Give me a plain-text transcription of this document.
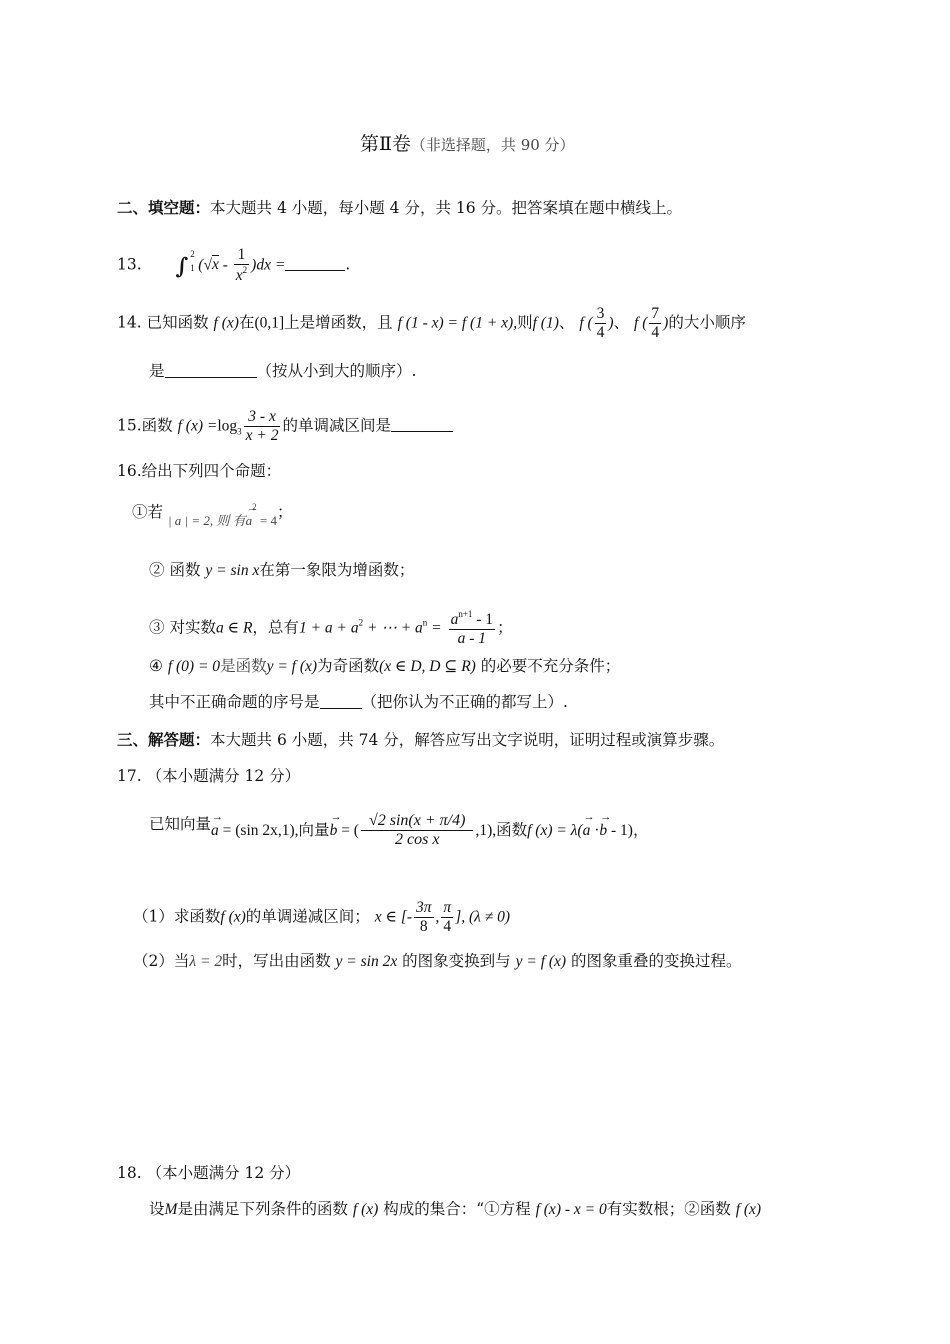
第Ⅱ卷（非选择题，共 90 分）
二、填空题：本大题共 4 小题，每小题 4 分，共 16 分。把答案填在题中横线上。
13. ∫ 2
1 $(√x - \frac{1}{x^2} )dx$ =	.
14. 已知函数 f (x)在(0,1]上是增函数，且 f (1 - x) = f (1 + x),则f (1)、 f ( $\frac{3}{4}$ )、 f ( $\frac{7}{4}$ )的大小顺序
是	（按从小到大的顺序）.
15.函数 f $(x) =\log_3 \frac{3 - x}{x + 2}$ 的单调减区间是
16.给出下列四个命题：
①若 $_{| a | = 2, 则 有}\to a^2$ $_{= 4}$；
② 函数 y = sin x在第一象限为增函数；
③ 对实数a ∈ R，总有$1 + a + a^2$ + ⋯ + $a^n = \frac{a^{n+1} - 1}{a - 1}$ ；
④ f (0) = 0是函数y = f (x)为奇函数(x ∈ D, D ⊆ R) 的必要不充分条件；
其中不正确命题的序号是	（把你认为不正确的都写上）.
三、解答题：本大题共 6 小题，共 74 分，解答应写出文字说明，证明过程或演算步骤。
17. （本小题满分 12 分）
已知向量→ a = (sin 2x,1),向量→ b = ( $\frac{√2 \sin(x + \pi/4)}{\text{2 cos x}} ,1$),函数f (x) = λ(→ a ·→ b - 1)，
（1）求函数f (x)的单调递减区间； x ∈ [- $\frac{3\pi}{8}$ , $\frac{\pi}{4}$ ], (λ ≠ 0)
（2）当λ = 2时，写出由函数 y = sin 2x 的图象变换到与 y = f (x) 的图象重叠的变换过程。
18. （本小题满分 12 分）
设M是由满足下列条件的函数 f (x) 构成的集合：“①方程 f (x) - x = 0有实数根；②函数 f (x)
